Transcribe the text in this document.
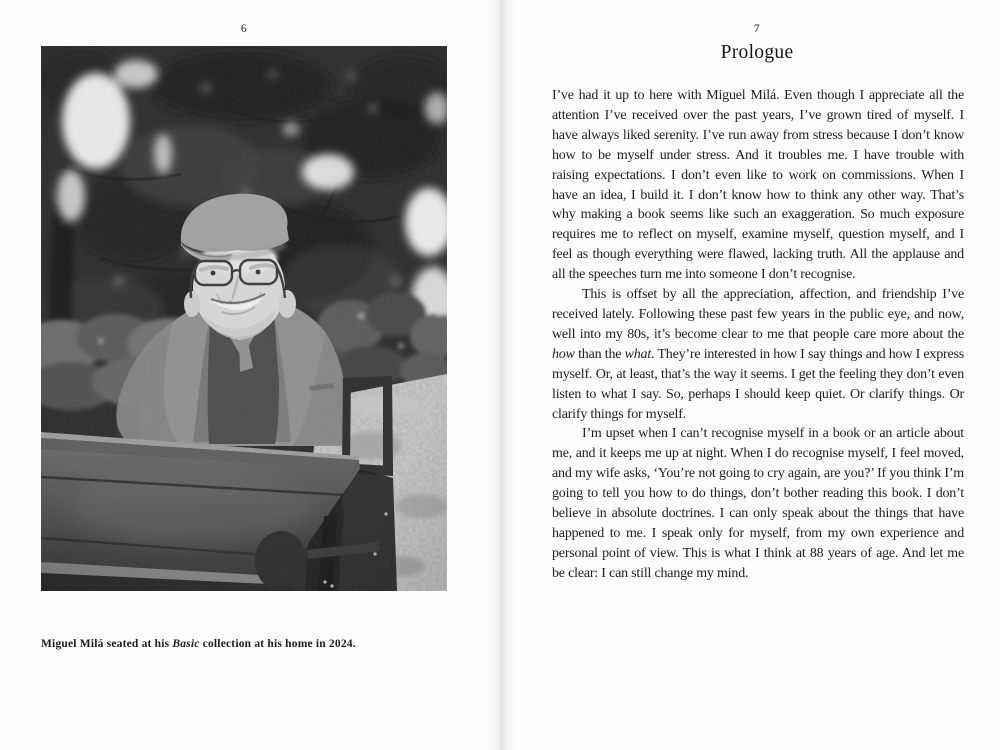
6
Miguel Milá seated at his Basic collection at his home in 2024.
7
Prologue

I’ve had it up to here with Miguel Milá. Even though I appreciate all the attention I’ve received over the past years, I’ve grown tired of myself. I have always liked serenity. I’ve run away from stress because I don’t know how to be myself under stress. And it troubles me. I have trouble with raising expectations. I don’t even like to work on commissions. When I have an idea, I build it. I don’t know how to think any other way. That’s why making a book seems like such an exaggeration. So much exposure requires me to reflect on myself, examine myself, question myself, and I feel as though everything were flawed, lacking truth. All the applause and all the speeches turn me into someone I don’t recognise.

This is offset by all the appreciation, affection, and friendship I’ve received lately. Following these past few years in the public eye, and now, well into my 80s, it’s become clear to me that people care more about the how than the what. They’re interested in how I say things and how I express myself. Or, at least, that’s the way it seems. I get the feeling they don’t even listen to what I say. So, perhaps I should keep quiet. Or clarify things. Or clarify things for myself.

I’m upset when I can’t recognise myself in a book or an article about me, and it keeps me up at night. When I do recognise myself, I feel moved, and my wife asks, ‘You’re not going to cry again, are you?’ If you think I’m going to tell you how to do things, don’t bother reading this book. I don’t believe in absolute doctrines. I can only speak about the things that have happened to me. I speak only for myself, from my own experience and personal point of view. This is what I think at 88 years of age. And let me be clear: I can still change my mind.
